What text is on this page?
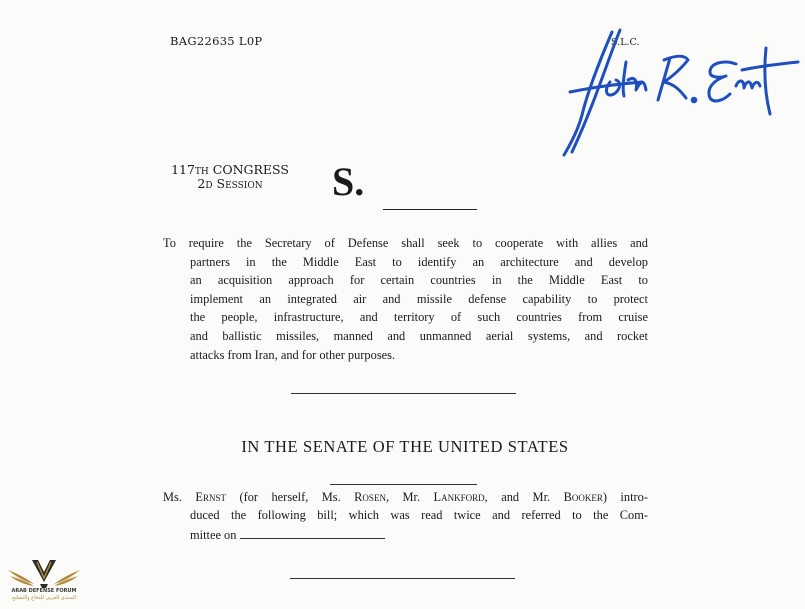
BAG22635 L0P	S.L.C.
117th CONGRESS
2d Session	S.
To require the Secretary of Defense shall seek to cooperate with allies and
partners in the Middle East to identify an architecture and develop
an acquisition approach for certain countries in the Middle East to
implement an integrated air and missile defense capability to protect
the people, infrastructure, and territory of such countries from cruise
and ballistic missiles, manned and unmanned aerial systems, and rocket
attacks from Iran, and for other purposes.
IN THE SENATE OF THE UNITED STATES
Ms. Ernst (for herself, Ms. Rosen, Mr. Lankford, and Mr. Booker) intro-
duced the following bill; which was read twice and referred to the Com-
mittee on
ARAB DEFENSE FORUM
المنتدى العربي للدفاع والتسليح
